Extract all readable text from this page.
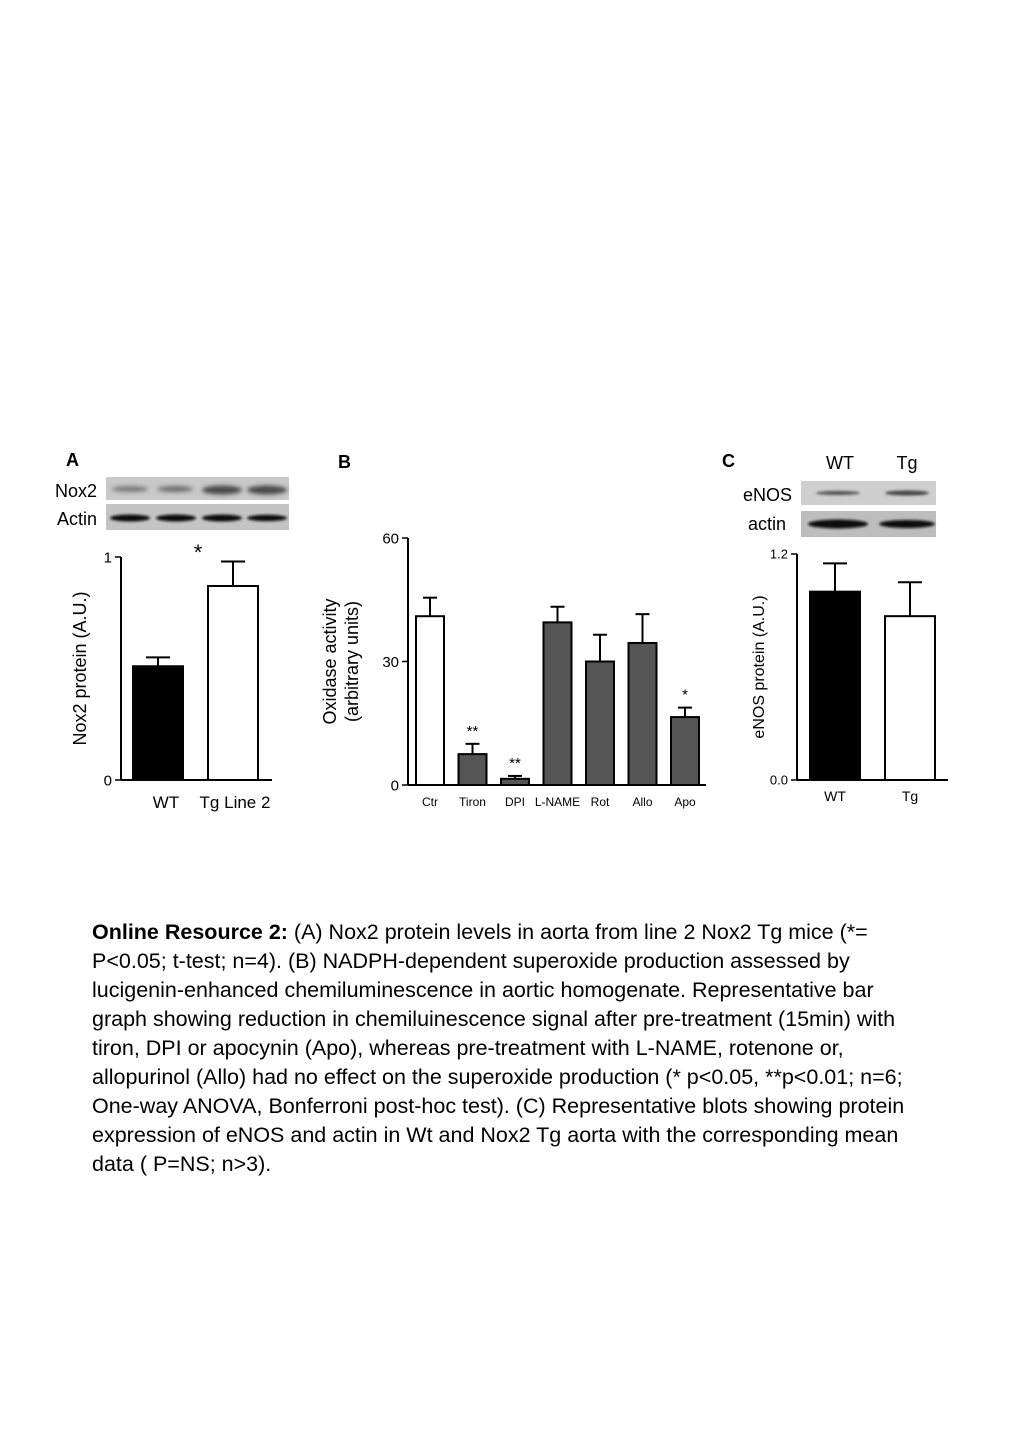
A
Nox2
Actin
0
1
Nox2 protein (A.U.)
WT Tg Line 2
*
B
0
30
60
Oxidase activity (arbitrary units)
Ctr Tiron
**
DPI
**
L-NAME Rot Allo Apo
*
C	WT Tg
eNOS
actin
0.0
1.2
eNOS protein (A.U.)
WT	Tg
Online Resource 2: (A) Nox2 protein levels in aorta from line 2 Nox2 Tg mice (*= P<0.05; t-test; n=4). (B) NADPH-dependent superoxide production assessed by lucigenin-enhanced chemiluminescence in aortic homogenate. Representative bar graph showing reduction in chemiluinescence signal after pre-treatment (15min) with tiron, DPI or apocynin (Apo), whereas pre-treatment with L-NAME, rotenone or, allopurinol (Allo) had no effect on the superoxide production (* p<0.05, **p<0.01; n=6; One-way ANOVA, Bonferroni post-hoc test). (C) Representative blots showing protein expression of eNOS and actin in Wt and Nox2 Tg aorta with the corresponding mean data ( P=NS; n>3).
